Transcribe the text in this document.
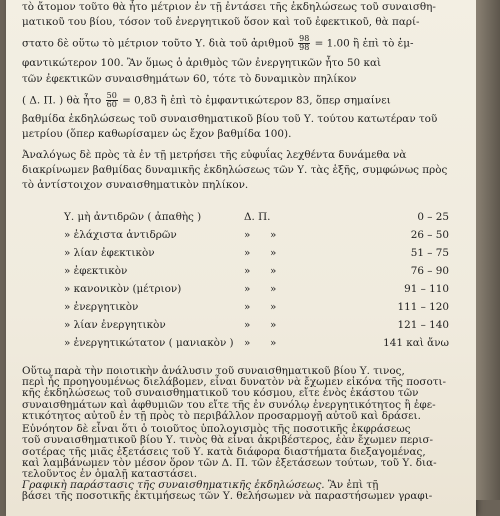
τὸ ἄτομον τοῦτο θὰ ἦτο μέτριον ἐν τῇ ἐντάσει τῆς ἐκδηλώσεως τοῦ συναισθη-
ματικοῦ του βίου, τόσον τοῦ ἐνεργητικοῦ ὅσον καὶ τοῦ ἐφεκτικοῦ, θὰ παρί-
στατο δὲ οὕτω τὸ μέτριον τοῦτο Υ. διὰ τοῦ ἀριθμοῦ $\frac{98}{98} = 1.00$ ἢ ἐπὶ τὸ ἐμ-
φαντικώτερον 100. Ἂν ὅμως ὁ ἀριθμὸς τῶν ἐνεργητικῶν ἦτο 50 καὶ
τῶν ἐφεκτικῶν συναισθημάτων 60, τότε τὸ δυναμικὸν πηλίκον
( Δ. Π. ) θὰ ἦτο $\frac{50}{60} = 0,83$ ἢ ἐπὶ τὸ ἐμφαντικώτερον 83, ὅπερ σημαίνει
βαθμίδα ἐκδηλώσεως τοῦ συναισθηματικοῦ βίου τοῦ Υ. τούτου κατωτέραν τοῦ
μετρίου (ὅπερ καθωρίσαμεν ὡς ἔχον βαθμίδα 100).
Ἀναλόγως δὲ πρὸς τὰ ἐν τῇ μετρήσει τῆς εὐφυΐας λεχθέντα δυνάμεθα νὰ
διακρίνωμεν βαθμίδας δυναμικῆς ἐκδηλώσεως τῶν Υ. τὰς ἑξῆς, συμφώνως πρὸς
τὸ ἀντίστοιχον συναισθηματικὸν πηλίκον.
Υ. μὴ ἀντιδρῶν ( ἀπαθὴς )	Δ. Π.	0 – 25
» ἐλάχιστα ἀντιδρῶν	» »	26 – 50
» λίαν ἐφεκτικὸν	» »	51 – 75
» ἐφεκτικὸν	» »	76 – 90
» κανονικὸν (μέτριον)	» »	91 – 110
» ἐνεργητικὸν	» »	111 – 120
» λίαν ἐνεργητικὸν	» »	121 – 140
» ἐνεργητικώτατον ( μανιακὸν ) » »	141 καὶ ἄνω
Οὕτω παρὰ τὴν ποιοτικὴν ἀνάλυσιν τοῦ συναισθηματικοῦ βίου Υ. τινος,
περὶ ἧς προηγουμένως διελάβομεν, εἶναι δυνατὸν νὰ ἔχωμεν εἰκόνα τῆς ποσοτι-
κῆς ἐκδηλώσεως τοῦ συναισθηματικοῦ του κόσμου, εἴτε ἑνὸς ἑκάστου τῶν
συναισθημάτων καὶ ἀφθυμιῶν του εἴτε τῆς ἐν συνόλῳ ἐνεργητικότητος ἢ ἐφε-
κτικότητος αὐτοῦ ἐν τῇ πρὸς τὸ περιβάλλον προσαρμογῇ αὐτοῦ καὶ δράσει.
Εὐνόητον δὲ εἶναι ὅτι ὁ τοιοῦτος ὑπολογισμὸς τῆς ποσοτικῆς ἐκφράσεως
τοῦ συναισθηματικοῦ βίου Υ. τινὸς θὰ εἶναι ἀκριβέστερος, ἐὰν ἔχωμεν περισ-
σοτέρας τῆς μιᾶς ἐξετάσεις τοῦ Υ. κατὰ διάφορα διαστήματα διεξαγομένας,
καὶ λαμβάνωμεν τὸν μέσον ὅρον τῶν Δ. Π. τῶν ἐξετάσεων τούτων, τοῦ Υ. δια-
τελοῦντος ἐν ὁμαλῇ καταστάσει.
Γραφικὴ παράστασις τῆς συναισθηματικῆς ἐκδηλώσεως. Ἂν ἐπὶ τῇ
βάσει τῆς ποσοτικῆς ἐκτιμήσεως τῶν Υ. θελήσωμεν νὰ παραστήσωμεν γραφι-
